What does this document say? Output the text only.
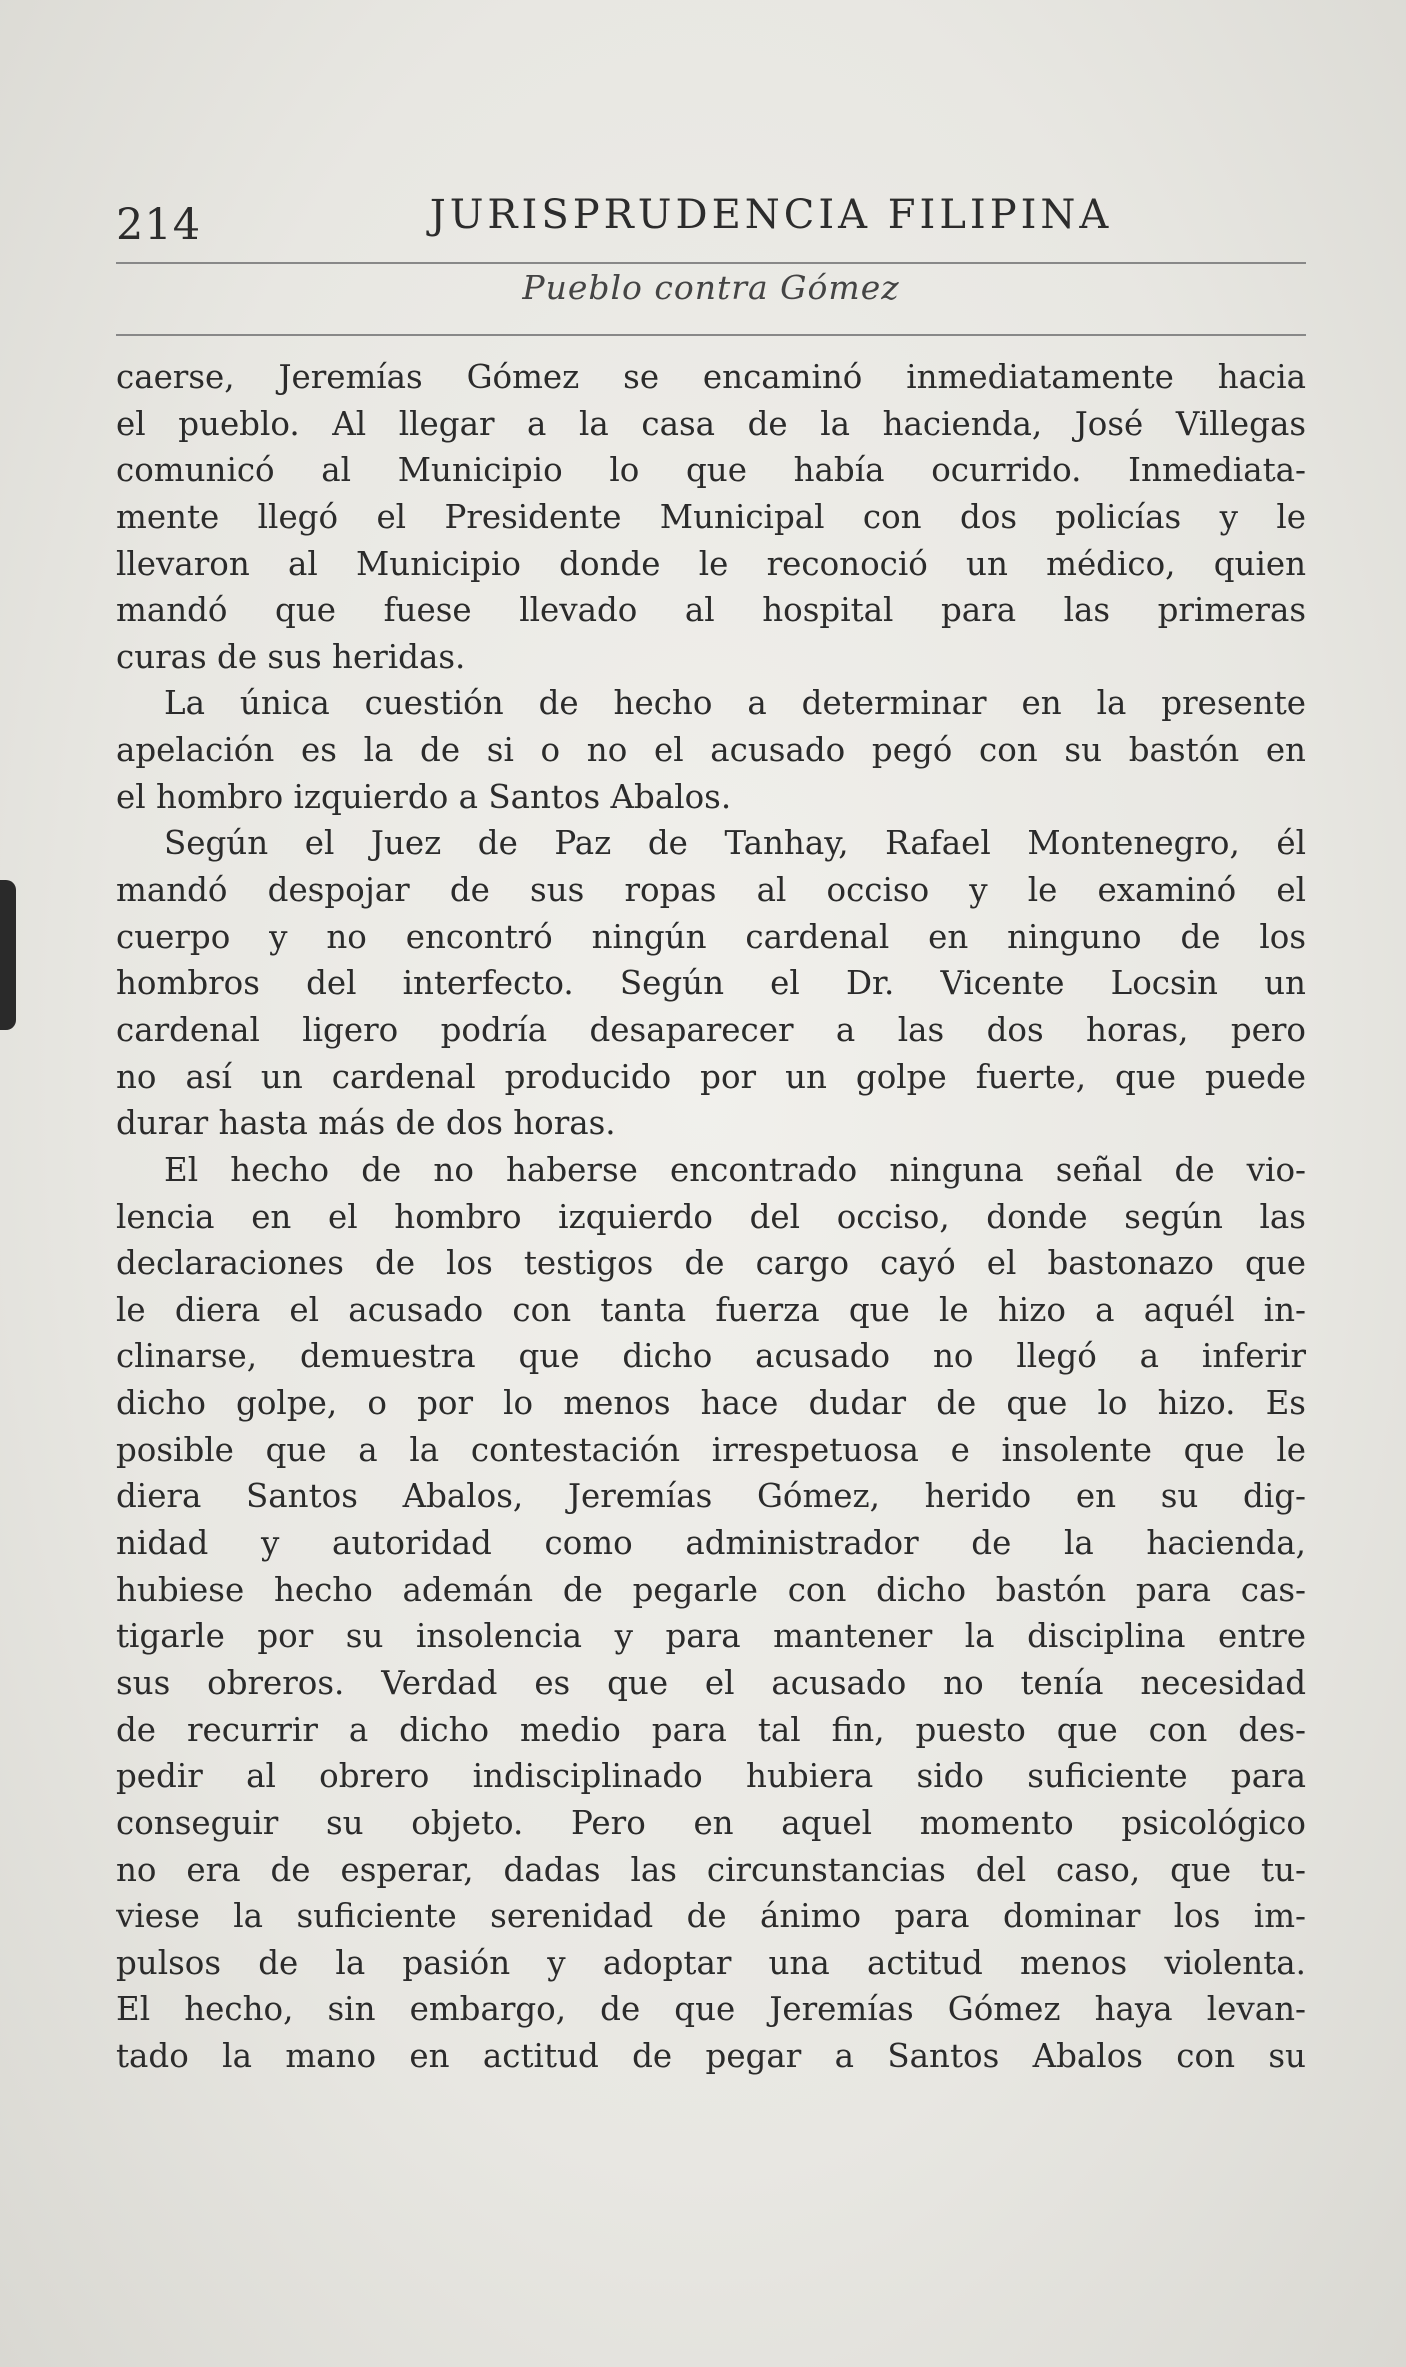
214	JURISPRUDENCIA FILIPINA
Pueblo contra Gómez
caerse, Jeremías Gómez se encaminó inmediatamente hacia
el pueblo. Al llegar a la casa de la hacienda, José Villegas
comunicó al Municipio lo que había ocurrido. Inmediata-
mente llegó el Presidente Municipal con dos policías y le
llevaron al Municipio donde le reconoció un médico, quien
mandó que fuese llevado al hospital para las primeras
curas de sus heridas.
La única cuestión de hecho a determinar en la presente
apelación es la de si o no el acusado pegó con su bastón en
el hombro izquierdo a Santos Abalos.
Según el Juez de Paz de Tanhay, Rafael Montenegro, él
mandó despojar de sus ropas al occiso y le examinó el
cuerpo y no encontró ningún cardenal en ninguno de los
hombros del interfecto. Según el Dr. Vicente Locsin un
cardenal ligero podría desaparecer a las dos horas, pero
no así un cardenal producido por un golpe fuerte, que puede
durar hasta más de dos horas.
El hecho de no haberse encontrado ninguna señal de vio-
lencia en el hombro izquierdo del occiso, donde según las
declaraciones de los testigos de cargo cayó el bastonazo que
le diera el acusado con tanta fuerza que le hizo a aquél in-
clinarse, demuestra que dicho acusado no llegó a inferir
dicho golpe, o por lo menos hace dudar de que lo hizo. Es
posible que a la contestación irrespetuosa e insolente que le
diera Santos Abalos, Jeremías Gómez, herido en su dig-
nidad y autoridad como administrador de la hacienda,
hubiese hecho ademán de pegarle con dicho bastón para cas-
tigarle por su insolencia y para mantener la disciplina entre
sus obreros. Verdad es que el acusado no tenía necesidad
de recurrir a dicho medio para tal fin, puesto que con des-
pedir al obrero indisciplinado hubiera sido suficiente para
conseguir su objeto. Pero en aquel momento psicológico
no era de esperar, dadas las circunstancias del caso, que tu-
viese la suficiente serenidad de ánimo para dominar los im-
pulsos de la pasión y adoptar una actitud menos violenta.
El hecho, sin embargo, de que Jeremías Gómez haya levan-
tado la mano en actitud de pegar a Santos Abalos con su
